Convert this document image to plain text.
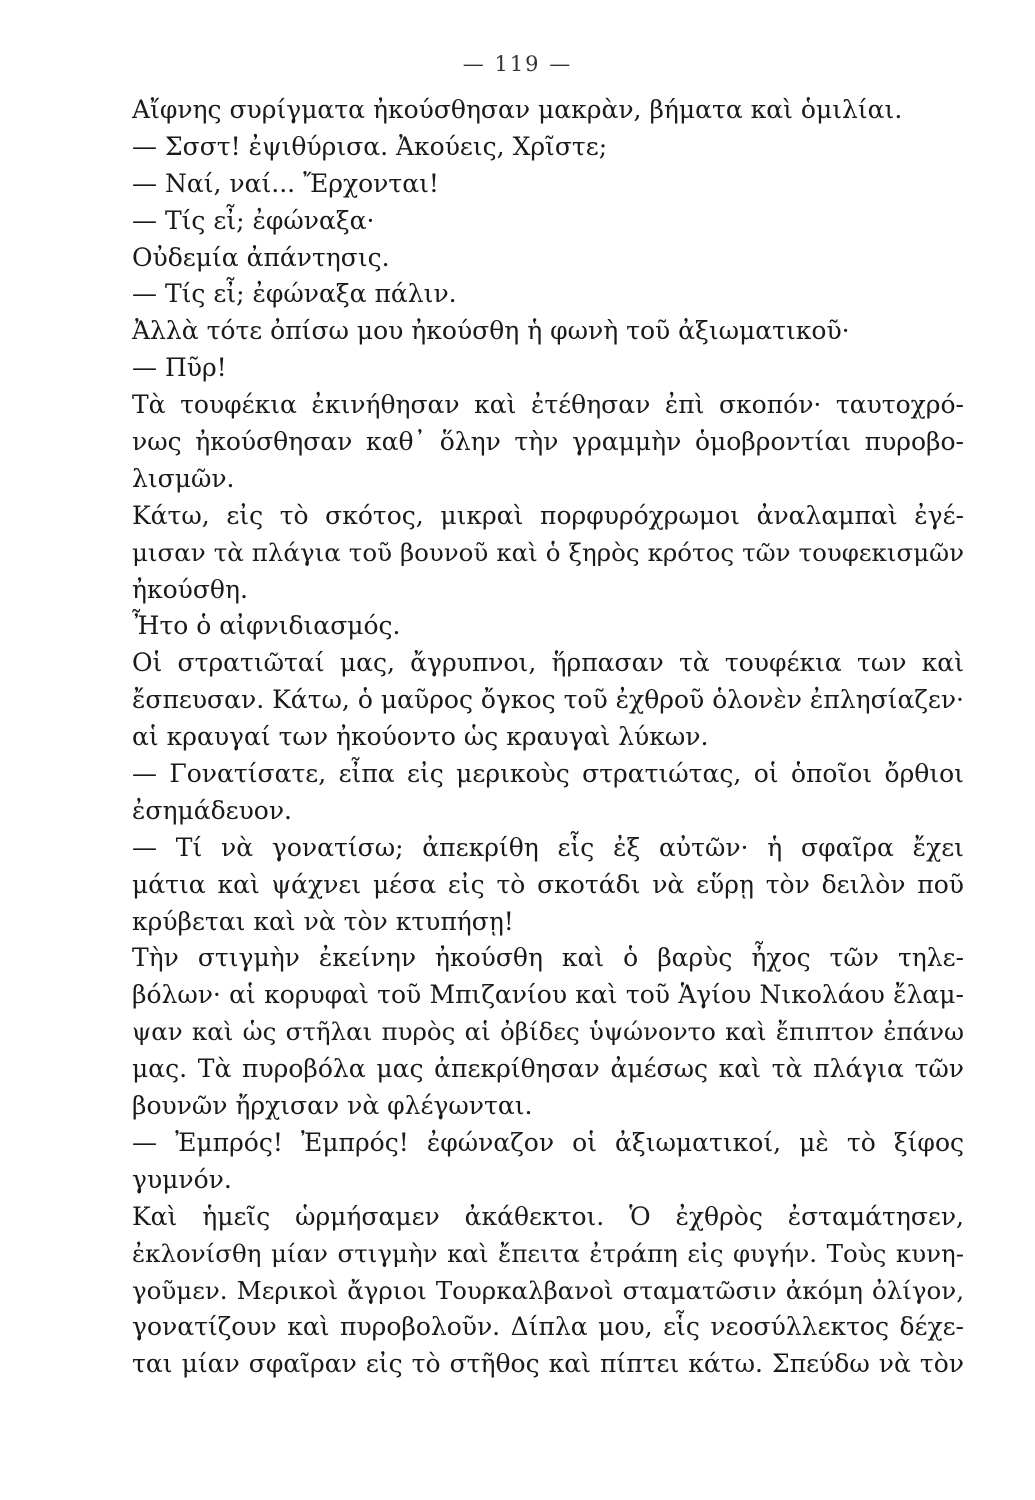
— 119 —
Αἴφνης συρίγματα ἠκούσθησαν μακρὰν, βήματα καὶ ὁμιλίαι.
— Σσστ! ἐψιθύρισα. Ἀκούεις, Χρῖστε;
— Ναί, ναί... Ἔρχονται!
— Τίς εἶ; ἐφώναξα·
Οὐδεμία ἀπάντησις.
— Τίς εἶ; ἐφώναξα πάλιν.
Ἀλλὰ τότε ὀπίσω μου ἠκούσθη ἡ φωνὴ τοῦ ἀξιωματικοῦ·
— Πῦρ!
Τὰ τουφέκια ἐκινήθησαν καὶ ἐτέθησαν ἐπὶ σκοπόν· ταυτοχρό-
νως ἠκούσθησαν καθ᾽ ὅλην τὴν γραμμὴν ὁμοβροντίαι πυροβο-
λισμῶν.
Κάτω, εἰς τὸ σκότος, μικραὶ πορφυρόχρωμοι ἀναλαμπαὶ ἐγέ-
μισαν τὰ πλάγια τοῦ βουνοῦ καὶ ὁ ξηρὸς κρότος τῶν τουφεκισμῶν
ἠκούσθη.
Ἦτο ὁ αἰφνιδιασμός.
Οἱ στρατιῶταί μας, ἄγρυπνοι, ἥρπασαν τὰ τουφέκια των καὶ
ἔσπευσαν. Κάτω, ὁ μαῦρος ὄγκος τοῦ ἐχθροῦ ὁλονὲν ἐπλησίαζεν·
αἱ κραυγαί των ἠκούοντο ὡς κραυγαὶ λύκων.
— Γονατίσατε, εἶπα εἰς μερικοὺς στρατιώτας, οἱ ὁποῖοι ὄρθιοι
ἐσημάδευον.
— Τί νὰ γονατίσω; ἀπεκρίθη εἷς ἐξ αὐτῶν· ἡ σφαῖρα ἔχει
μάτια καὶ ψάχνει μέσα εἰς τὸ σκοτάδι νὰ εὕρῃ τὸν δειλὸν ποῦ
κρύβεται καὶ νὰ τὸν κτυπήσῃ!
Τὴν στιγμὴν ἐκείνην ἠκούσθη καὶ ὁ βαρὺς ἦχος τῶν τηλε-
βόλων· αἱ κορυφαὶ τοῦ Μπιζανίου καὶ τοῦ Ἁγίου Νικολάου ἔλαμ-
ψαν καὶ ὡς στῆλαι πυρὸς αἱ ὀβίδες ὑψώνοντο καὶ ἔπιπτον ἐπάνω
μας. Τὰ πυροβόλα μας ἀπεκρίθησαν ἀμέσως καὶ τὰ πλάγια τῶν
βουνῶν ἤρχισαν νὰ φλέγωνται.
— Ἐμπρός! Ἐμπρός! ἐφώναζον οἱ ἀξιωματικοί, μὲ τὸ ξίφος
γυμνόν.
Καὶ ἡμεῖς ὡρμήσαμεν ἀκάθεκτοι. Ὁ ἐχθρὸς ἐσταμάτησεν,
ἐκλονίσθη μίαν στιγμὴν καὶ ἔπειτα ἐτράπη εἰς φυγήν. Τοὺς κυνη-
γοῦμεν. Μερικοὶ ἄγριοι Τουρκαλβανοὶ σταματῶσιν ἀκόμη ὀλίγον,
γονατίζουν καὶ πυροβολοῦν. Δίπλα μου, εἷς νεοσύλλεκτος δέχε-
ται μίαν σφαῖραν εἰς τὸ στῆθος καὶ πίπτει κάτω. Σπεύδω νὰ τὸν
